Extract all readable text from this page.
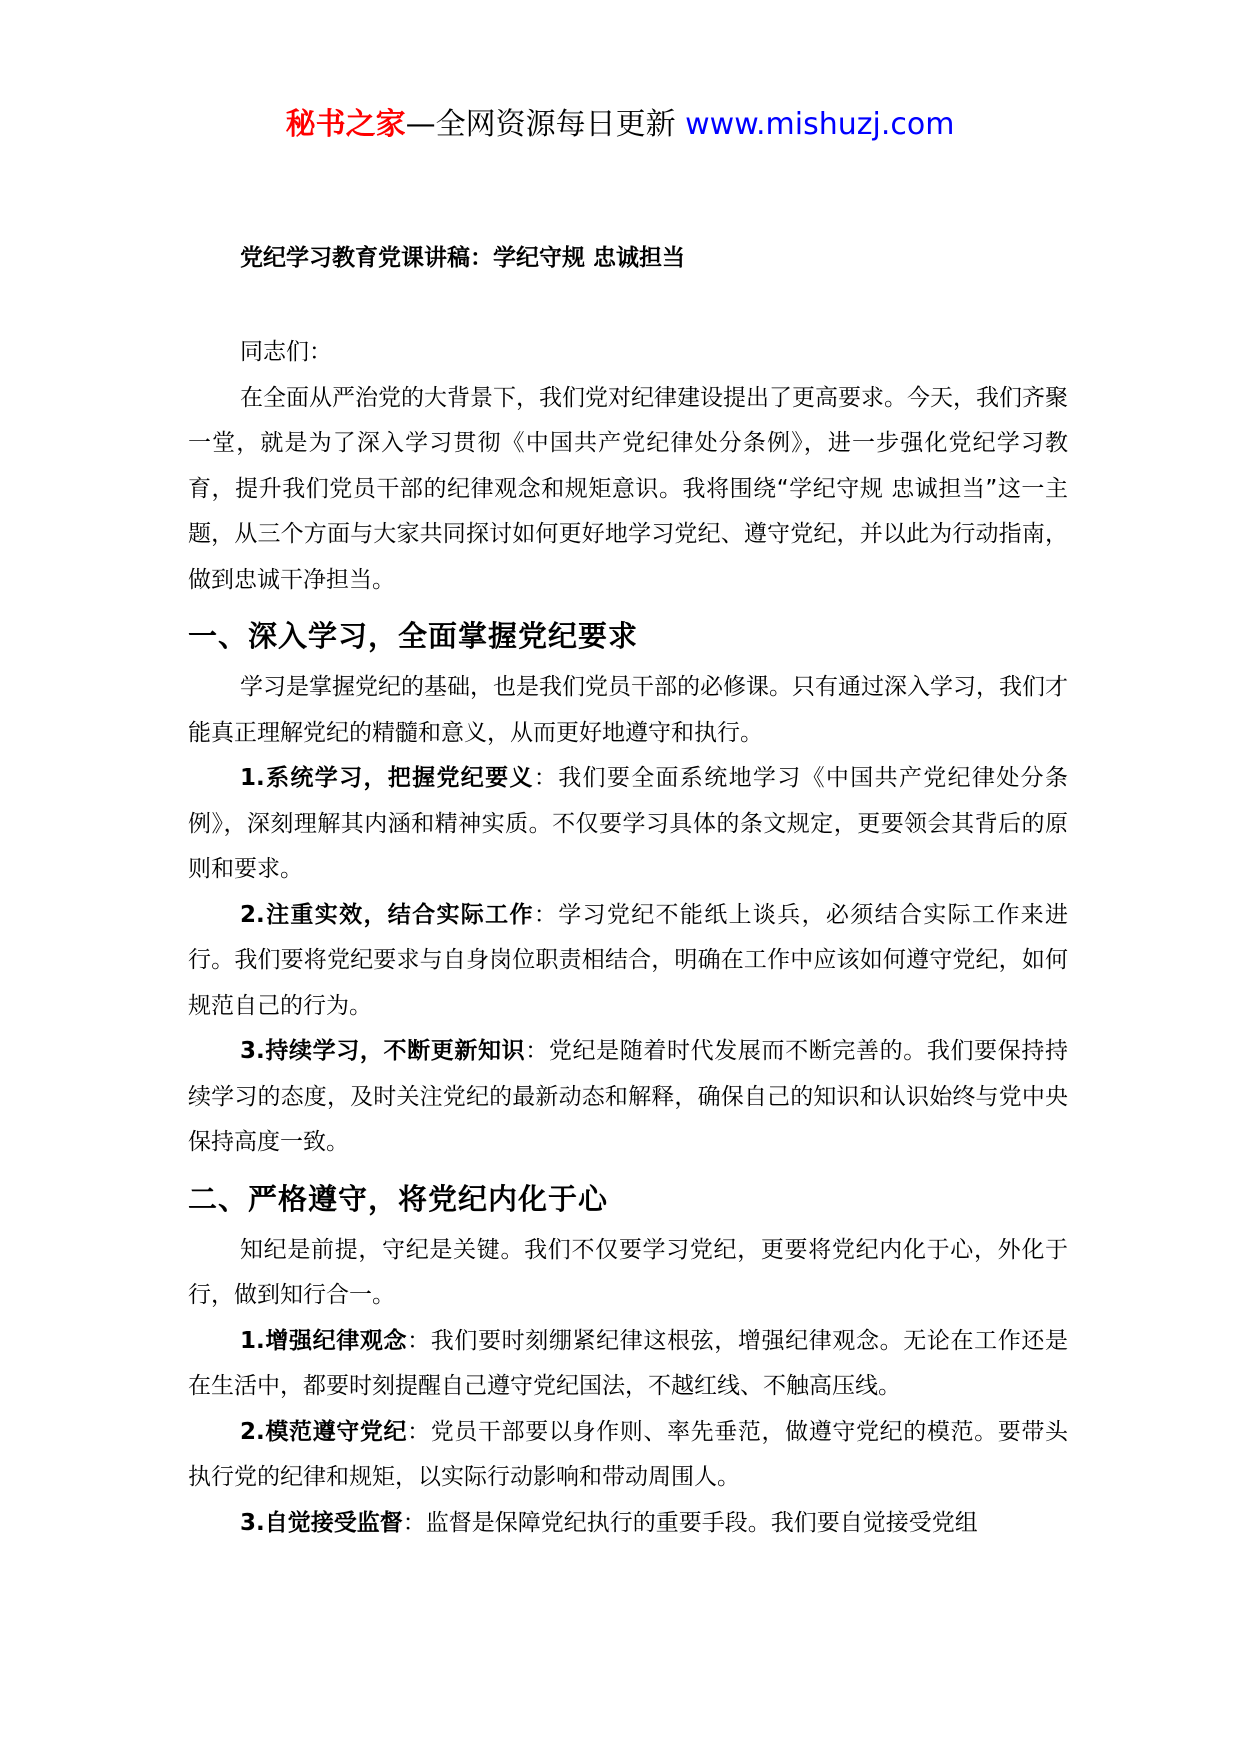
秘书之家—全网资源每日更新 www.mishuzj.com
党纪学习教育党课讲稿：学纪守规 忠诚担当

同志们：

在全面从严治党的大背景下，我们党对纪律建设提出了更高要求。今天，我们齐聚一堂，就是为了深入学习贯彻《中国共产党纪律处分条例》，进一步强化党纪学习教育，提升我们党员干部的纪律观念和规矩意识。我将围绕“学纪守规 忠诚担当”这一主题，从三个方面与大家共同探讨如何更好地学习党纪、遵守党纪，并以此为行动指南，做到忠诚干净担当。

一、深入学习，全面掌握党纪要求

学习是掌握党纪的基础，也是我们党员干部的必修课。只有通过深入学习，我们才能真正理解党纪的精髓和意义，从而更好地遵守和执行。

1.系统学习，把握党纪要义：我们要全面系统地学习《中国共产党纪律处分条例》，深刻理解其内涵和精神实质。不仅要学习具体的条文规定，更要领会其背后的原则和要求。

2.注重实效，结合实际工作：学习党纪不能纸上谈兵，必须结合实际工作来进行。我们要将党纪要求与自身岗位职责相结合，明确在工作中应该如何遵守党纪，如何规范自己的行为。

3.持续学习，不断更新知识：党纪是随着时代发展而不断完善的。我们要保持持续学习的态度，及时关注党纪的最新动态和解释，确保自己的知识和认识始终与党中央保持高度一致。

二、严格遵守，将党纪内化于心

知纪是前提，守纪是关键。我们不仅要学习党纪，更要将党纪内化于心，外化于行，做到知行合一。

1.增强纪律观念：我们要时刻绷紧纪律这根弦，增强纪律观念。无论在工作还是在生活中，都要时刻提醒自己遵守党纪国法，不越红线、不触高压线。

2.模范遵守党纪：党员干部要以身作则、率先垂范，做遵守党纪的模范。要带头执行党的纪律和规矩，以实际行动影响和带动周围人。

3.自觉接受监督：监督是保障党纪执行的重要手段。我们要自觉接受党组
